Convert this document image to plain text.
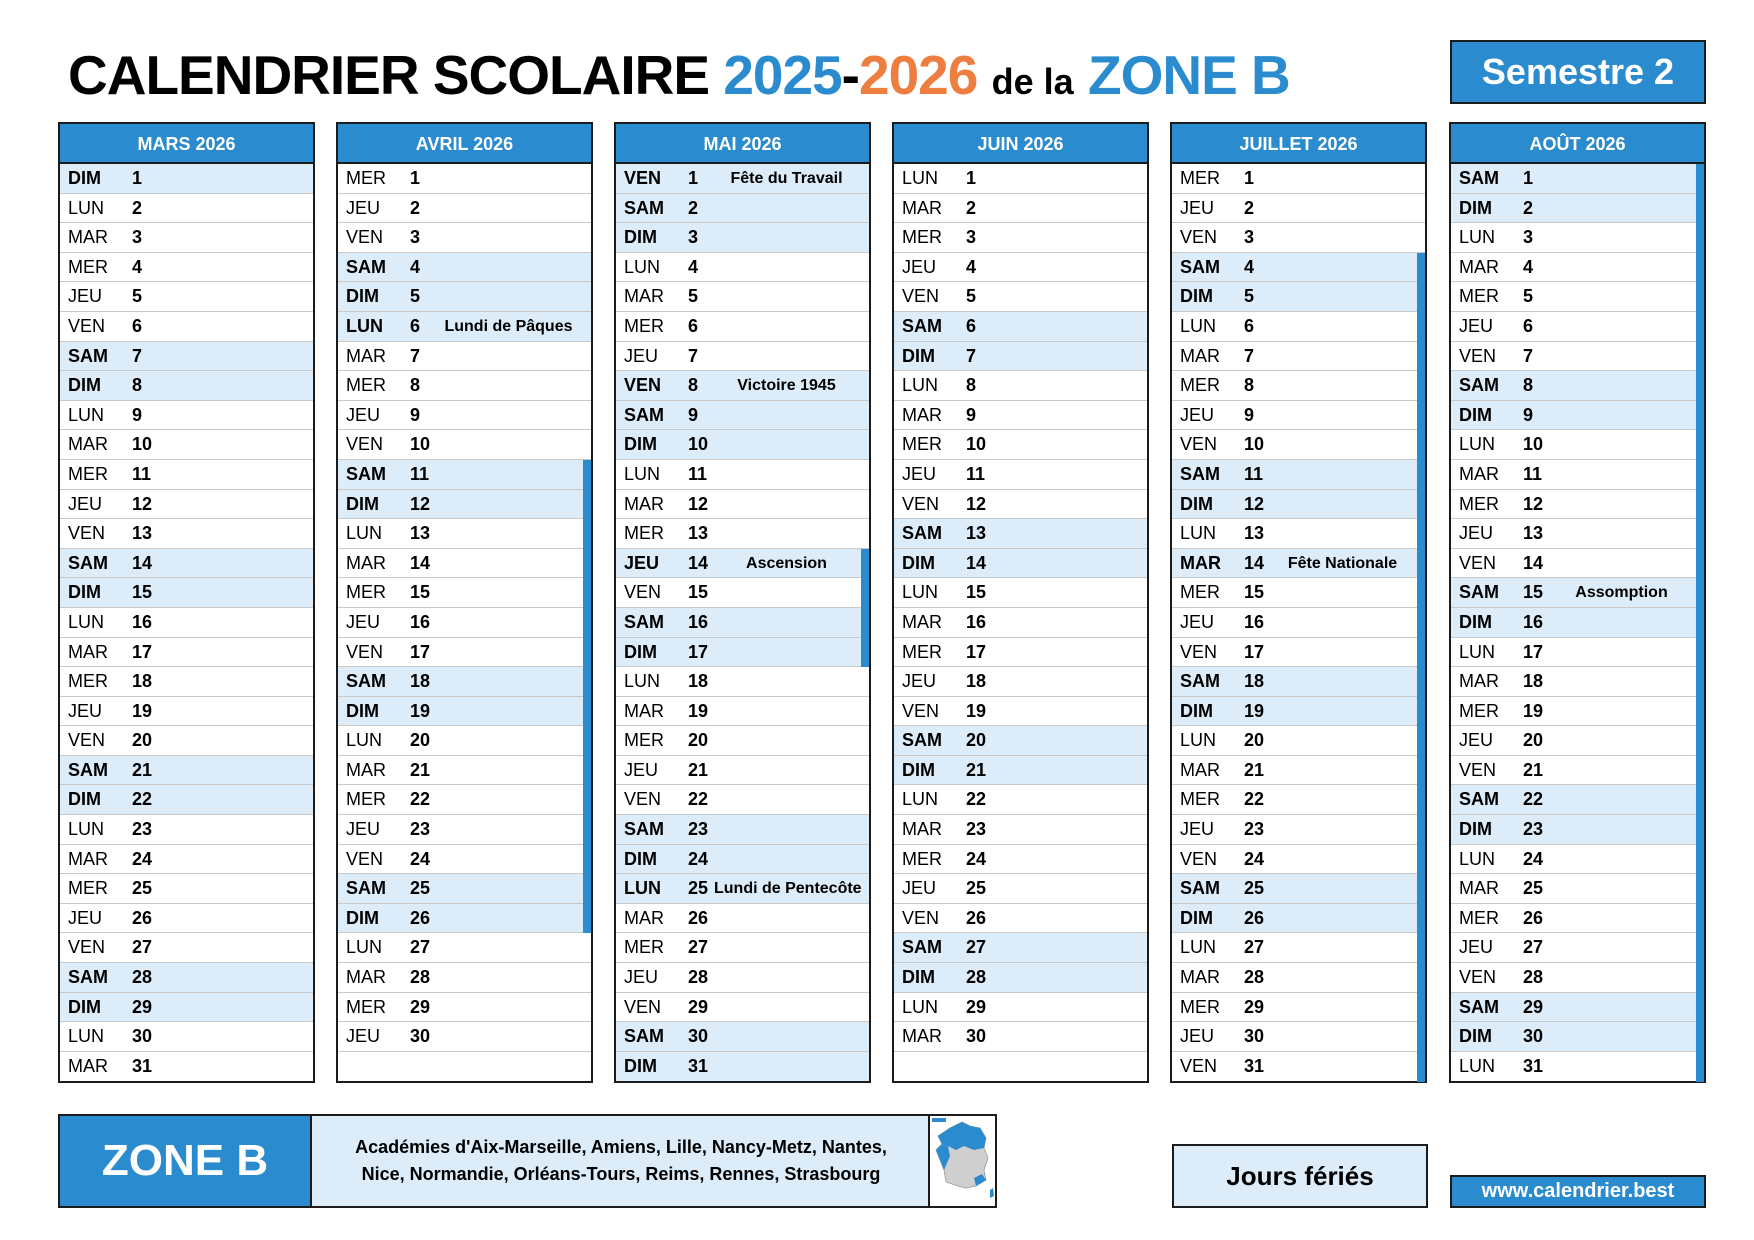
CALENDRIER SCOLAIRE 2025-2026 de la ZONE B	Semestre 2
MARS 2026
DIM	1
LUN	2
MAR	3
MER	4
JEU	5
VEN	6
SAM	7
DIM	8
LUN	9
MAR	10
MER	11
JEU	12
VEN	13
SAM	14
DIM	15
LUN	16
MAR	17
MER	18
JEU	19
VEN	20
SAM	21
DIM	22
LUN	23
MAR	24
MER	25
JEU	26
VEN	27
SAM	28
DIM	29
LUN	30
MAR	31
AVRIL 2026
MER	1
JEU	2
VEN	3
SAM	4
DIM	5
LUN	6	Lundi de Pâques
MAR	7
MER	8
JEU	9
VEN	10
SAM	11
DIM	12
LUN	13
MAR	14
MER	15
JEU	16
VEN	17
SAM	18
DIM	19
LUN	20
MAR	21
MER	22
JEU	23
VEN	24
SAM	25
DIM	26
LUN	27
MAR	28
MER	29
JEU	30
MAI 2026
VEN	1	Fête du Travail
SAM	2
DIM	3
LUN	4
MAR	5
MER	6
JEU	7
VEN	8	Victoire 1945
SAM	9
DIM	10
LUN	11
MAR	12
MER	13
JEU	14	Ascension
VEN	15
SAM	16
DIM	17
LUN	18
MAR	19
MER	20
JEU	21
VEN	22
SAM	23
DIM	24
LUN	25 Lundi de Pentecôte
MAR	26
MER	27
JEU	28
VEN	29
SAM	30
DIM	31
JUIN 2026
LUN	1
MAR	2
MER	3
JEU	4
VEN	5
SAM	6
DIM	7
LUN	8
MAR	9
MER	10
JEU	11
VEN	12
SAM	13
DIM	14
LUN	15
MAR	16
MER	17
JEU	18
VEN	19
SAM	20
DIM	21
LUN	22
MAR	23
MER	24
JEU	25
VEN	26
SAM	27
DIM	28
LUN	29
MAR	30
JUILLET 2026
MER	1
JEU	2
VEN	3
SAM	4
DIM	5
LUN	6
MAR	7
MER	8
JEU	9
VEN	10
SAM	11
DIM	12
LUN	13
MAR	14	Fête Nationale
MER	15
JEU	16
VEN	17
SAM	18
DIM	19
LUN	20
MAR	21
MER	22
JEU	23
VEN	24
SAM	25
DIM	26
LUN	27
MAR	28
MER	29
JEU	30
VEN	31
AOÛT 2026
SAM	1
DIM	2
LUN	3
MAR	4
MER	5
JEU	6
VEN	7
SAM	8
DIM	9
LUN	10
MAR	11
MER	12
JEU	13
VEN	14
SAM	15	Assomption
DIM	16
LUN	17
MAR	18
MER	19
JEU	20
VEN	21
SAM	22
DIM	23
LUN	24
MAR	25
MER	26
JEU	27
VEN	28
SAM	29
DIM	30
LUN	31
ZONE B	Académies d'Aix-Marseille, Amiens, Lille, Nancy-Metz, Nantes,
Nice, Normandie, Orléans-Tours, Reims, Rennes, Strasbourg	Jours fériés	www.calendrier.best
